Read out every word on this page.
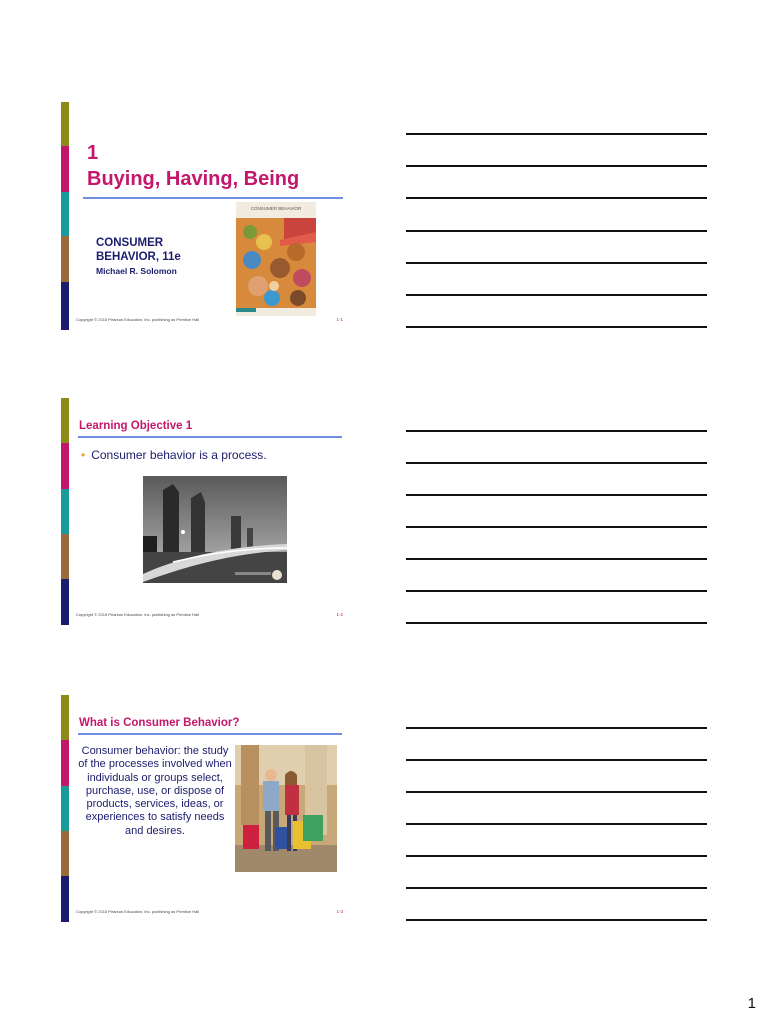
1
Buying, Having, Being
CONSUMER
BEHAVIOR, 11e
Michael R. Solomon
CONSUMER BEHAVIOR
Copyright © 2015 Pearson Education, Inc. publishing as Prentice Hall	1-1
Learning Objective 1
• Consumer behavior is a process.
Copyright © 2015 Pearson Education, Inc. publishing as Prentice Hall	1-2
What is Consumer Behavior?
Consumer behavior: the study of the processes involved when individuals or groups select, purchase, use, or dispose of products, services, ideas, or experiences to satisfy needs and desires.
Copyright © 2015 Pearson Education, Inc. publishing as Prentice Hall	1-3
1
